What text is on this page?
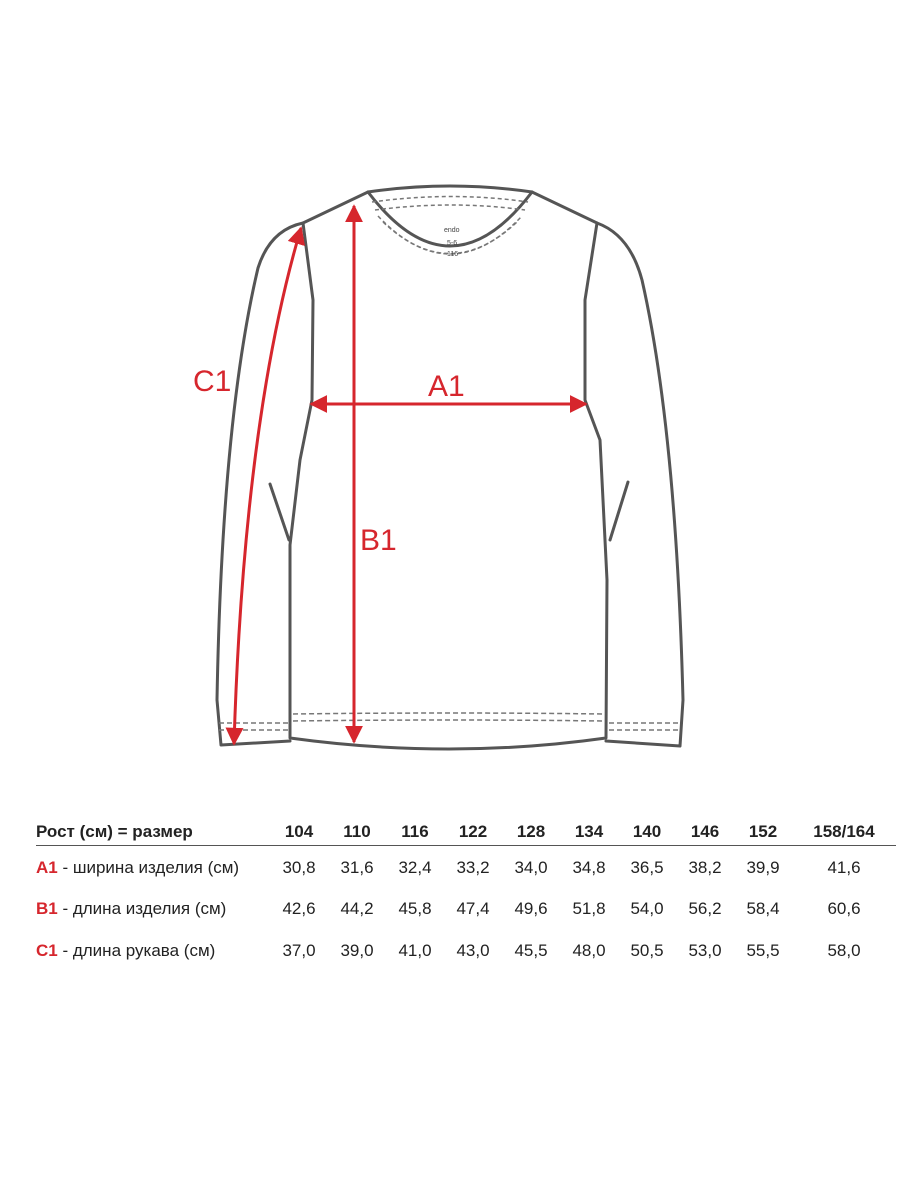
endo
5-6
116
A1
B1
C1
Рост (см) = размер	104	110	116	122	128	134	140	146	152	158/164
A1 - ширина изделия (см)	30,8	31,6	32,4	33,2	34,0	34,8	36,5	38,2	39,9	41,6
B1 - длина изделия (см)	42,6	44,2	45,8	47,4	49,6	51,8	54,0	56,2	58,4	60,6
C1 - длина рукава (см)	37,0	39,0	41,0	43,0	45,5	48,0	50,5	53,0	55,5	58,0
